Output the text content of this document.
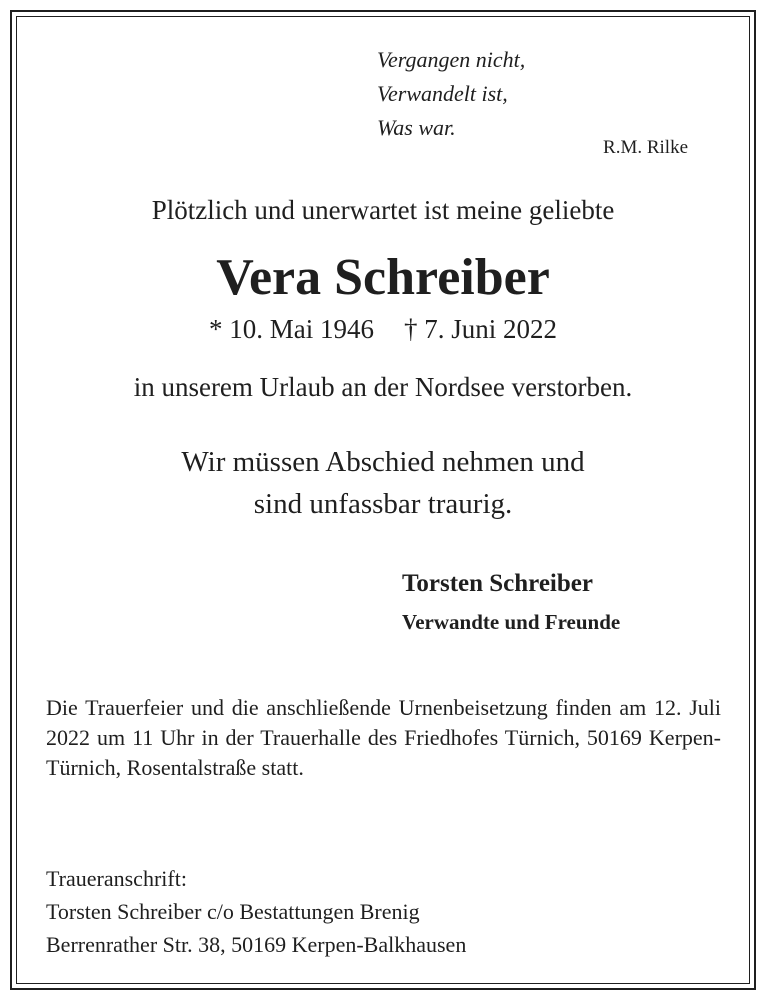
Vergangen nicht,
Verwandelt ist,
Was war.
R.M. Rilke
Plötzlich und unerwartet ist meine geliebte
Vera Schreiber
* 10. Mai 1946 † 7. Juni 2022
in unserem Urlaub an der Nordsee verstorben.
Wir müssen Abschied nehmen und
sind unfassbar traurig.
Torsten Schreiber
Verwandte und Freunde
Die Trauerfeier und die anschließende Urnenbeisetzung finden am 12. Juli 2022 um 11 Uhr in der Trauerhalle des Friedhofes Türnich, 50169 Kerpen-Türnich, Rosentalstraße statt.
Traueranschrift:
Torsten Schreiber c/o Bestattungen Brenig
Berrenrather Str. 38, 50169 Kerpen-Balkhausen
